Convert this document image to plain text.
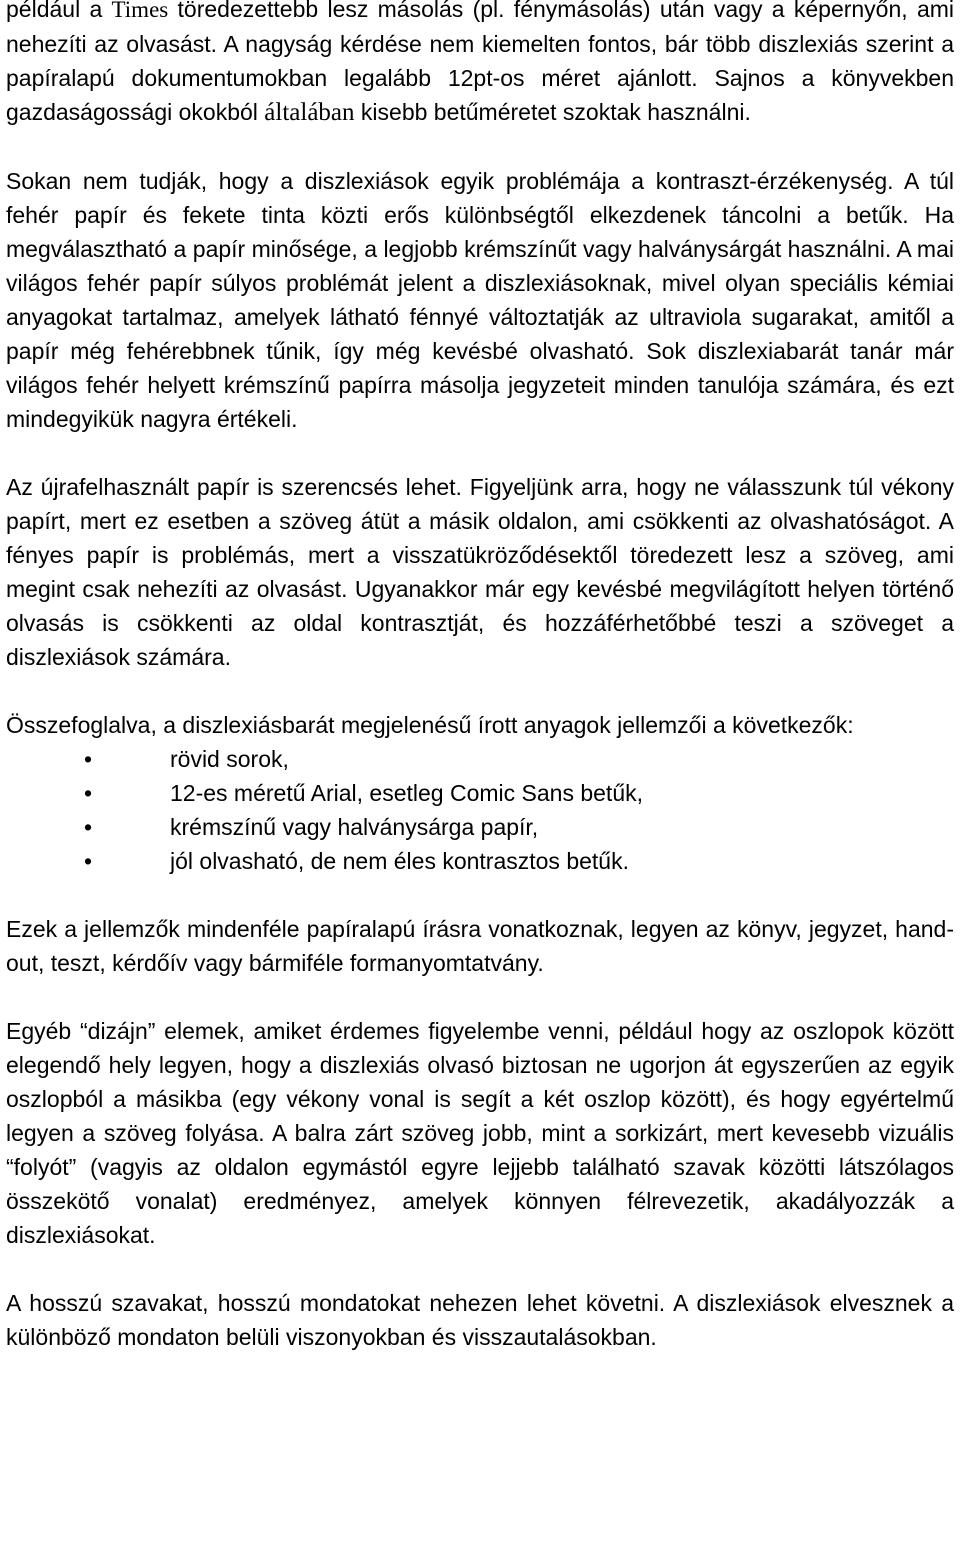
például a Times töredezettebb lesz másolás (pl. fénymásolás) után vagy a képernyőn, ami nehezíti az olvasást. A nagyság kérdése nem kiemelten fontos, bár több diszlexiás szerint a papíralapú dokumentumokban legalább 12pt-os méret ajánlott. Sajnos a könyvekben gazdaságossági okokból általában kisebb betűméretet szoktak használni.

Sokan nem tudják, hogy a diszlexiások egyik problémája a kontraszt-érzékenység. A túl fehér papír és fekete tinta közti erős különbségtől elkezdenek táncolni a betűk. Ha megválasztható a papír minősége, a legjobb krémszínűt vagy halványsárgát használni. A mai világos fehér papír súlyos problémát jelent a diszlexiásoknak, mivel olyan speciális kémiai anyagokat tartalmaz, amelyek látható fénnyé változtatják az ultraviola sugarakat, amitől a papír még fehérebbnek tűnik, így még kevésbé olvasható. Sok diszlexiabarát tanár már világos fehér helyett krémszínű papírra másolja jegyzeteit minden tanulója számára, és ezt mindegyikük nagyra értékeli.

Az újrafelhasznált papír is szerencsés lehet. Figyeljünk arra, hogy ne válasszunk túl vékony papírt, mert ez esetben a szöveg átüt a másik oldalon, ami csökkenti az olvashatóságot. A fényes papír is problémás, mert a visszatükröződésektől töredezett lesz a szöveg, ami megint csak nehezíti az olvasást. Ugyanakkor már egy kevésbé megvilágított helyen történő olvasás is csökkenti az oldal kontrasztját, és hozzáférhetőbbé teszi a szöveget a diszlexiások számára.

Összefoglalva, a diszlexiásbarát megjelenésű írott anyagok jellemzői a következők:

•	rövid sorok,
•	12-es méretű Arial, esetleg Comic Sans betűk,
•	krémszínű vagy halványsárga papír,
•	jól olvasható, de nem éles kontrasztos betűk.

Ezek a jellemzők mindenféle papíralapú írásra vonatkoznak, legyen az könyv, jegyzet, hand-out, teszt, kérdőív vagy bármiféle formanyomtatvány.

Egyéb “dizájn” elemek, amiket érdemes figyelembe venni, például hogy az oszlopok között elegendő hely legyen, hogy a diszlexiás olvasó biztosan ne ugorjon át egyszerűen az egyik oszlopból a másikba (egy vékony vonal is segít a két oszlop között), és hogy egyértelmű legyen a szöveg folyása. A balra zárt szöveg jobb, mint a sorkizárt, mert kevesebb vizuális “folyót” (vagyis az oldalon egymástól egyre lejjebb található szavak közötti látszólagos összekötő vonalat) eredményez, amelyek könnyen félrevezetik, akadályozzák a diszlexiásokat.

A hosszú szavakat, hosszú mondatokat nehezen lehet követni. A diszlexiások elvesznek a különböző mondaton belüli viszonyokban és visszautalásokban.
